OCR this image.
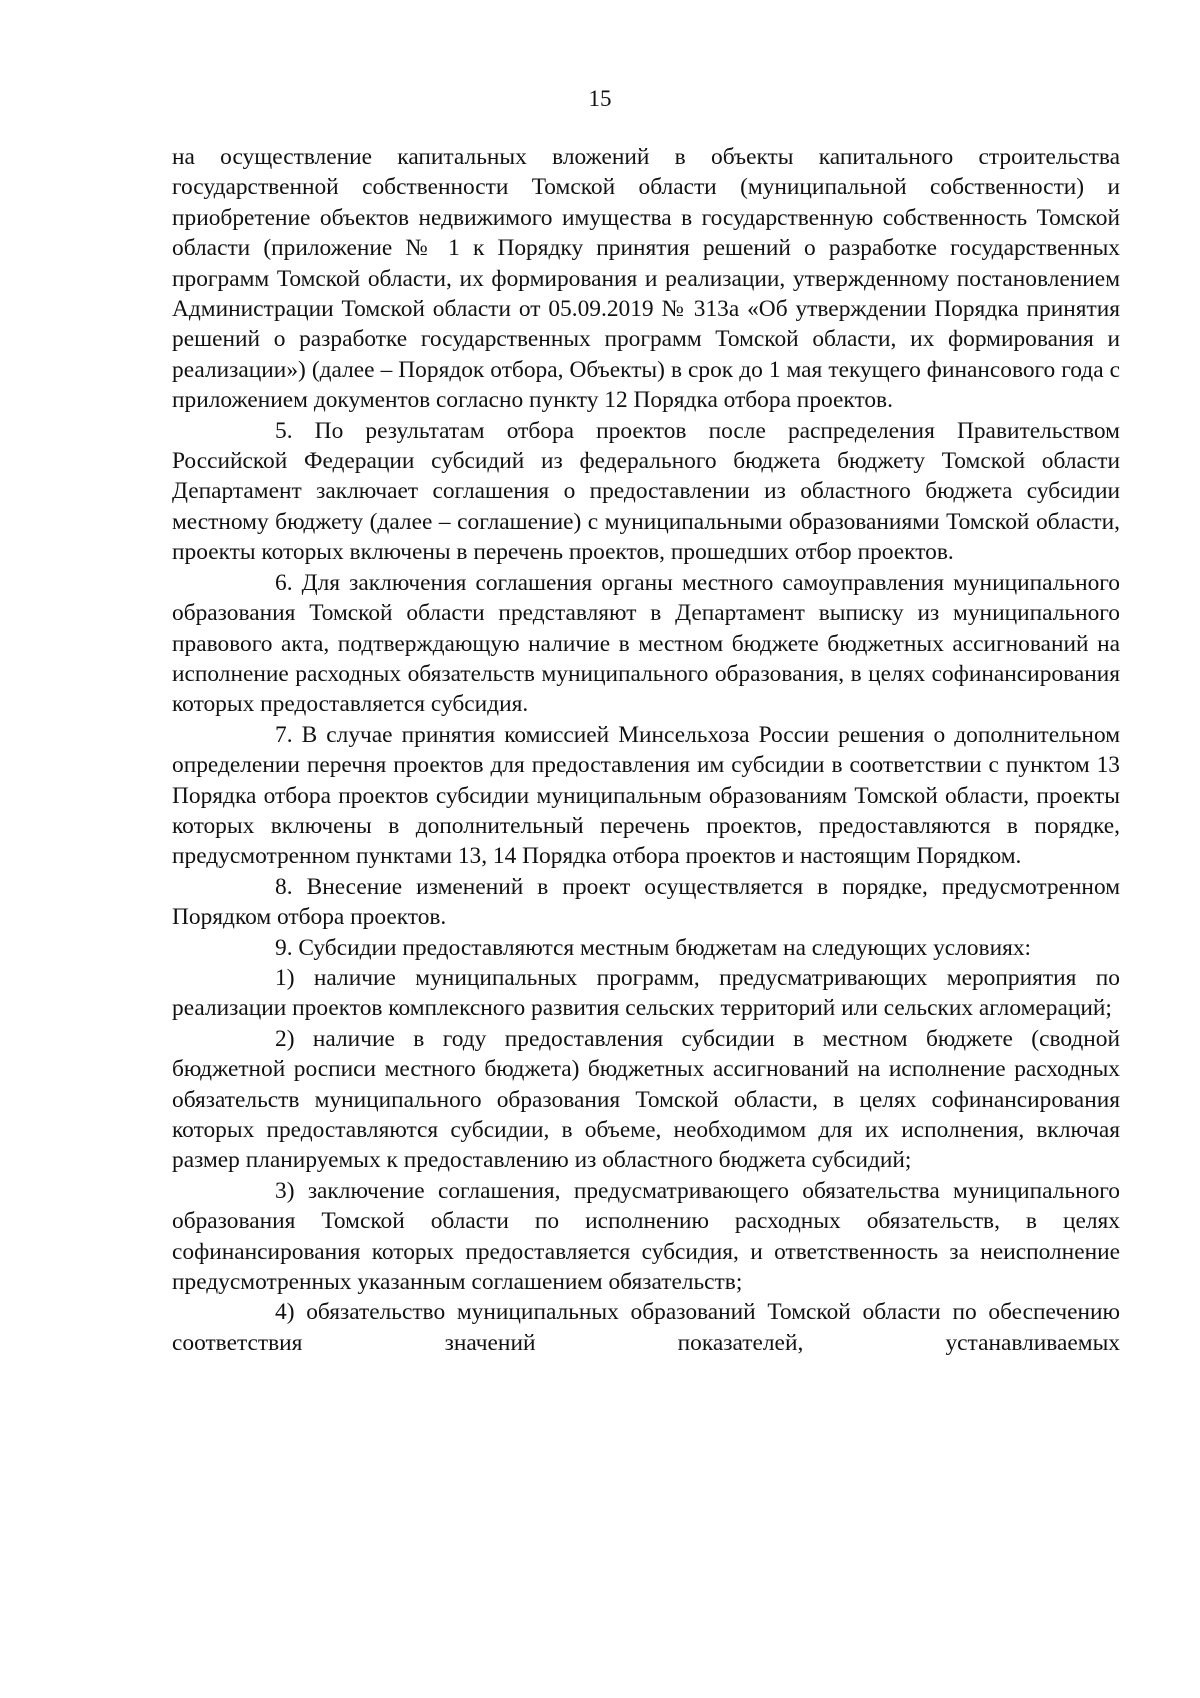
15

на осуществление капитальных вложений в объекты капитального строительства государственной собственности Томской области (муниципальной собственности) и приобретение объектов недвижимого имущества в государственную собственность Томской области (приложение № 1 к Порядку принятия решений о разработке государственных программ Томской области, их формирования и реализации, утвержденному постановлением Администрации Томской области от 05.09.2019 № 313а «Об утверждении Порядка принятия решений о разработке государственных программ Томской области, их формирования и реализации») (далее – Порядок отбора, Объекты) в срок до 1 мая текущего финансового года с приложением документов согласно пункту 12 Порядка отбора проектов.

5. По результатам отбора проектов после распределения Правительством Российской Федерации субсидий из федерального бюджета бюджету Томской области Департамент заключает соглашения о предоставлении из областного бюджета субсидии местному бюджету (далее – соглашение) с муниципальными образованиями Томской области, проекты которых включены в перечень проектов, прошедших отбор проектов.

6. Для заключения соглашения органы местного самоуправления муниципального образования Томской области представляют в Департамент выписку из муниципального правового акта, подтверждающую наличие в местном бюджете бюджетных ассигнований на исполнение расходных обязательств муниципального образования, в целях софинансирования которых предоставляется субсидия.

7. В случае принятия комиссией Минсельхоза России решения о дополнительном определении перечня проектов для предоставления им субсидии в соответствии с пунктом 13 Порядка отбора проектов субсидии муниципальным образованиям Томской области, проекты которых включены в дополнительный перечень проектов, предоставляются в порядке, предусмотренном пунктами 13, 14 Порядка отбора проектов и настоящим Порядком.

8. Внесение изменений в проект осуществляется в порядке, предусмотренном Порядком отбора проектов.

9. Субсидии предоставляются местным бюджетам на следующих условиях:

1) наличие муниципальных программ, предусматривающих мероприятия по реализации проектов комплексного развития сельских территорий или сельских агломераций;

2) наличие в году предоставления субсидии в местном бюджете (сводной бюджетной росписи местного бюджета) бюджетных ассигнований на исполнение расходных обязательств муниципального образования Томской области, в целях софинансирования которых предоставляются субсидии, в объеме, необходимом для их исполнения, включая размер планируемых к предоставлению из областного бюджета субсидий;

3) заключение соглашения, предусматривающего обязательства муниципального образования Томской области по исполнению расходных обязательств, в целях софинансирования которых предоставляется субсидия, и ответственность за неисполнение предусмотренных указанным соглашением обязательств;

4) обязательство муниципальных образований Томской области по обеспечению соответствия значений показателей, устанавливаемых
